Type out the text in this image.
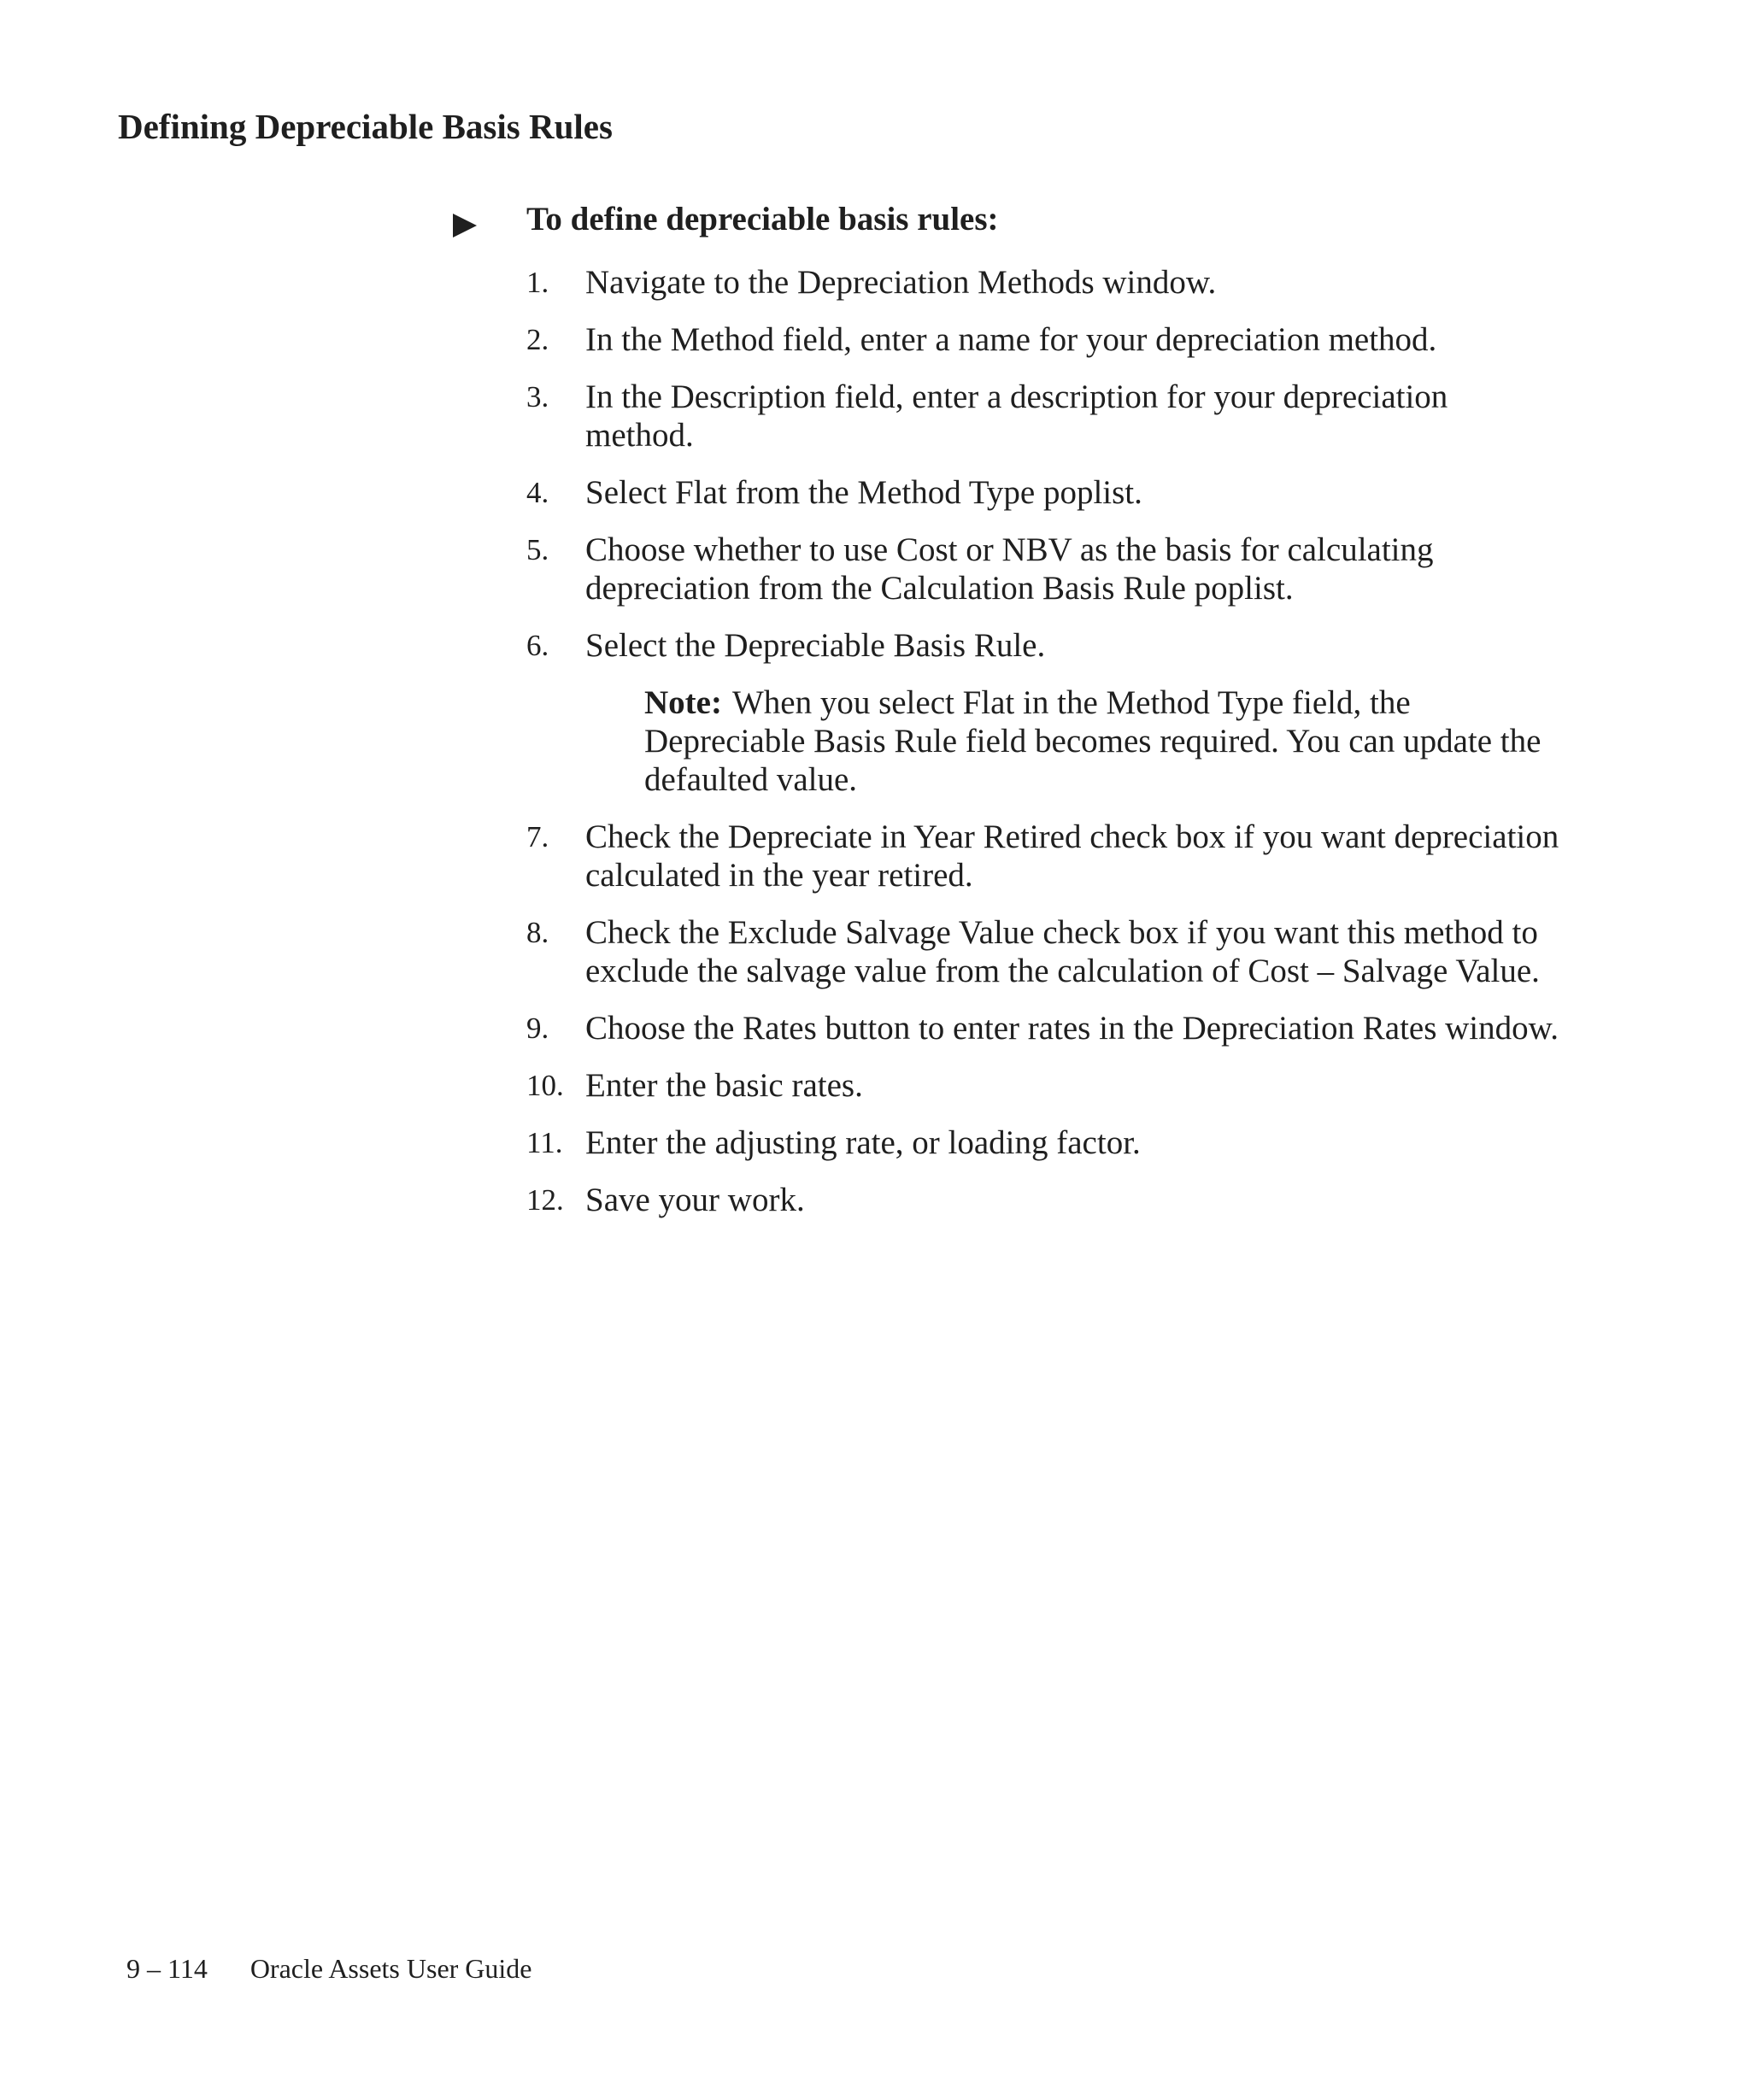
Defining Depreciable Basis Rules
To define depreciable basis rules:
1. Navigate to the Depreciation Methods window.
2. In the Method field, enter a name for your depreciation method.
3. In the Description field, enter a description for your depreciation method.
4. Select Flat from the Method Type poplist.
5. Choose whether to use Cost or NBV as the basis for calculating depreciation from the Calculation Basis Rule poplist.
6. Select the Depreciable Basis Rule.
Note: When you select Flat in the Method Type field, the Depreciable Basis Rule field becomes required. You can update the defaulted value.
7. Check the Depreciate in Year Retired check box if you want depreciation calculated in the year retired.
8. Check the Exclude Salvage Value check box if you want this method to exclude the salvage value from the calculation of Cost – Salvage Value.
9. Choose the Rates button to enter rates in the Depreciation Rates window.
10. Enter the basic rates.
11. Enter the adjusting rate, or loading factor.
12. Save your work.
9 – 114 Oracle Assets User Guide
